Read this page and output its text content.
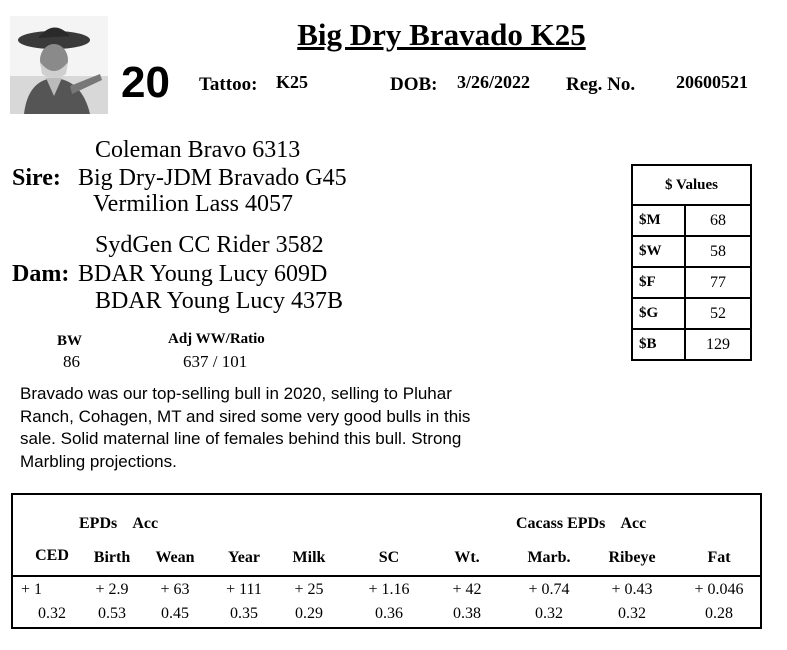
Big Dry Bravado K25
20 Tattoo: K25	DOB: 3/26/2022 Reg. No. 20600521
Coleman Bravo 6313
Sire: Big Dry-JDM Bravado G45
Vermilion Lass 4057
SydGen CC Rider 3582
Dam: BDAR Young Lucy 609D
BDAR Young Lucy 437B
BW
86
Adj WW/Ratio
637 / 101
Bravado was our top-selling bull in 2020, selling to Pluhar Ranch, Cohagen, MT and sired some very good bulls in this sale. Solid maternal line of females behind this bull. Strong Marbling projections.
$ Values	
$M	68
$W	58
$F	77
$G	52
$B	129
EPDs    Acc	Cacass EPDs    Acc
CED	Birth	Wean	Year	Milk	SC	Wt.	Marb.	Ribeye	Fat
+ 1	+ 2.9	+ 63	+ 111	+ 25	+ 1.16	+ 42	+ 0.74	+ 0.43	+ 0.046
0.32	0.53	0.45	0.35	0.29	0.36	0.38	0.32	0.32	0.28
